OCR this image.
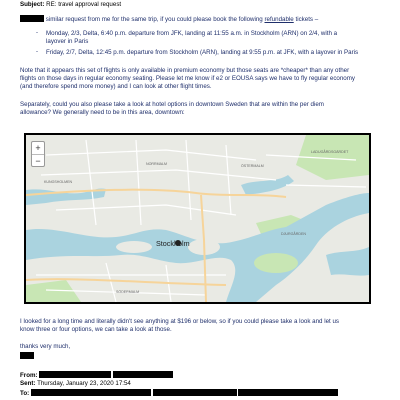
Subject: RE: travel approval request
similar request from me for the same trip, if you could please book the following refundable tickets –
- Monday, 2/3, Delta, 6:40 p.m. departure from JFK, landing at 11:55 a.m. in Stockholm (ARN) on 2/4, with a
layover in Paris
- Friday, 2/7, Delta, 12:45 p.m. departure from Stockholm (ARN), landing at 9:55 p.m. at JFK, with a layover in Paris
Note that it appears this set of flights is only available in premium economy but those seats are *cheaper* than any other
flights on those days in regular economy seating. Please let me know if e2 or EOUSA says we have to fly regular economy
(and therefore spend more money) and I can look at other flight times.
Separately, could you also please take a look at hotel options in downtown Sweden that are within the per diem
allowance? We generally need to be in this area, downtown:
KUNGSHOLMEN
NORRMALM	ÖSTERMALM
LADUGÅRDSGÄRDET
SÖDERMALM
DJURGÅRDEN
Stockholm
+
−
I looked for a long time and literally didn't see anything at $196 or below, so if you could please take a look and let us
know three or four options, we can take a look at those.
thanks very much,
From:
Sent: Thursday, January 23, 2020 17:54
To:
